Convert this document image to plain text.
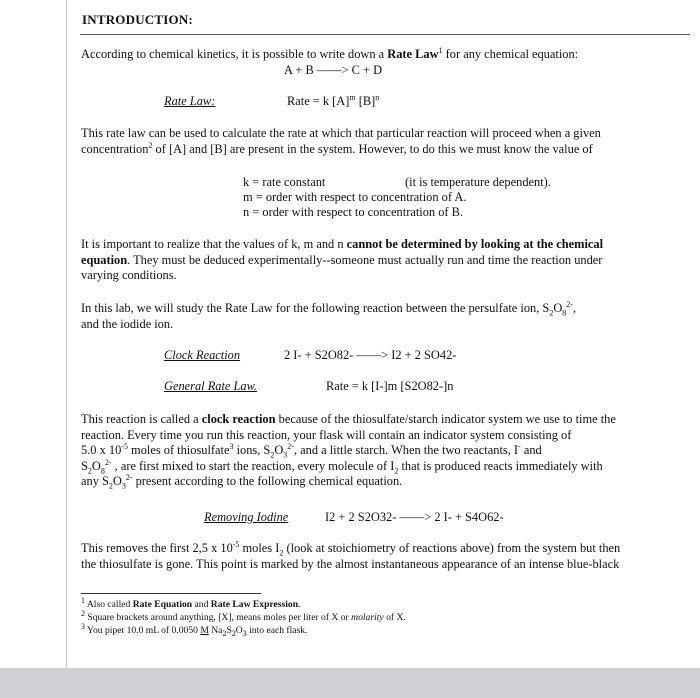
INTRODUCTION:
According to chemical kinetics, it is possible to write down a Rate Law$^1$ for any chemical equation:
A + B ——> C + D
Rate Law:	Rate = k $[A]^m$ $[B]^n$
This rate law can be used to calculate the rate at which that particular reaction will proceed when a given
concentration$^2$ of [A] and [B] are present in the system. However, to do this we must know the value of
k = rate constant	(it is temperature dependent).
m = order with respect to concentration of A.
n = order with respect to concentration of B.
It is important to realize that the values of k, m and n cannot be determined by looking at the chemical
equation. They must be deduced experimentally--someone must actually run and time the reaction under
varying conditions.
In this lab, we will study the Rate Law for the following reaction between the persulfate ion, $S_2O_8^{2-}$,
and the iodide ion.
Clock Reaction	2 I- + S2O82- ——> I2 + 2 SO42-
General Rate Law.	Rate = k [I-]m [S2O82-]n
This reaction is called a clock reaction because of the thiosulfate/starch indicator system we use to time the
reaction. Every time you run this reaction, your flask will contain an indicator system consisting of
5.0 x $10^{-5}$ moles of thiosulfate$^3$ ions, $S_2O_3^{2-}$, and a little starch. When the two reactants, I- and
$S_2O_8^{2-}$ , are first mixed to start the reaction, every molecule of $I_2$ that is produced reacts immediately with
any $S_2O_3^{2-}$ present according to the following chemical equation.
Removing Iodine	I2 + 2 S2O32- ——> 2 I- + S4O62-
This removes the first 2,5 x $10^{-5}$ moles $I_2$ (look at stoichiometry of reactions above) from the system but then
the thiosulfate is gone. This point is marked by the almost instantaneous appearance of an intense blue-black
$^1$ Also called Rate Equation and Rate Law Expression.
$^2$ Square brackets around anything, [X], means moles per liter of X or molarity of X.
$^3$ You pipet 10.0 mL of 0.0050 M $Na_2S_2O_3$ into each flask.
